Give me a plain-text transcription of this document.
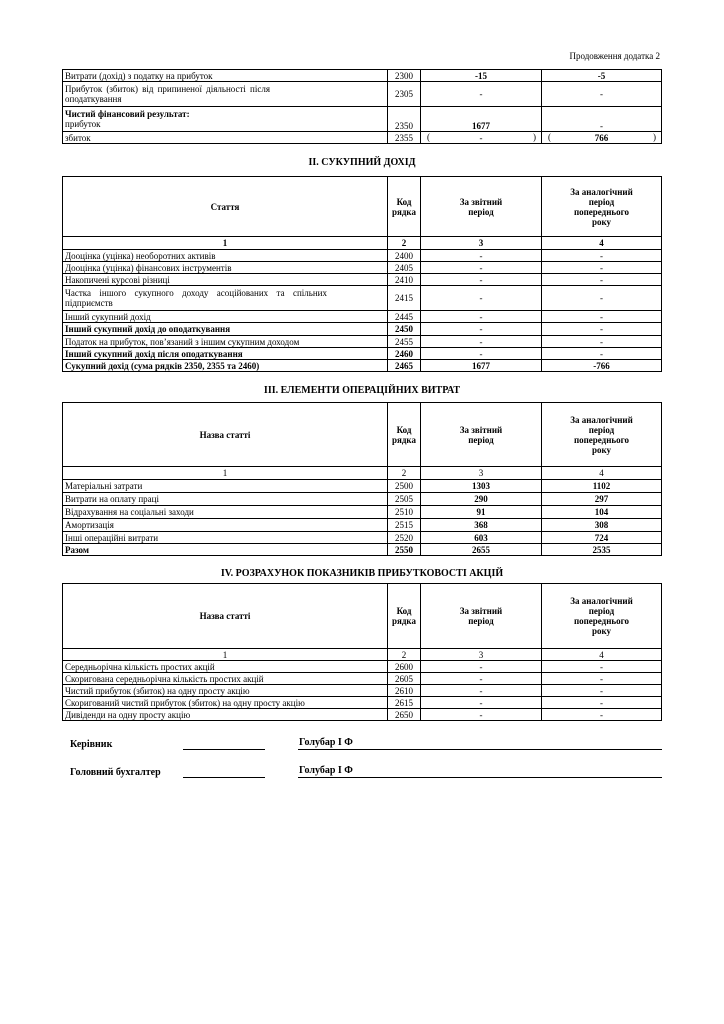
Продовження додатка 2
Витрати (дохід) з податку на прибуток	2300	-15	-5
Прибуток (збиток) від припиненої діяльності після оподаткування	2305	-	-

Чистий фінансовий результат:
прибуток	2350	1677	-
збиток	2355	( - )	( 766 )
II. СУКУПНИЙ ДОХІД
Стаття	Код рядка	За звітний період	За аналогічний період попереднього року
1	2	3	4
Дооцінка (уцінка) необоротних активів	2400	-	-
Дооцінка (уцінка) фінансових інструментів	2405	-	-
Накопичені курсові різниці	2410	-	-
Частка іншого сукупного доходу асоційованих та спільних підприємств	2415	-	-
Інший сукупний дохід	2445	-	-
Інший сукупний дохід до оподаткування	2450	-	-
Податок на прибуток, пов’язаний з іншим сукупним доходом	2455	-	-
Інший сукупний дохід після оподаткування	2460	-	-
Сукупний дохід (сума рядків 2350, 2355 та 2460)	2465	1677	-766
III. ЕЛЕМЕНТИ ОПЕРАЦІЙНИХ ВИТРАТ
Назва статті	Код рядка	За звітний період	За аналогічний період попереднього року
1	2	3	4
Матеріальні затрати	2500	1303	1102
Витрати на оплату праці	2505	290	297
Відрахування на соціальні заходи	2510	91	104
Амортизація	2515	368	308
Інші операційні витрати	2520	603	724
Разом	2550	2655	2535
IV. РОЗРАХУНОК ПОКАЗНИКІВ ПРИБУТКОВОСТІ АКЦІЙ
Назва статті	Код рядка	За звітний період	За аналогічний період попереднього року
1	2	3	4
Середньорічна кількість простих акцій	2600	-	-
Скоригована середньорічна кількість простих акцій	2605	-	-
Чистий прибуток (збиток) на одну просту акцію	2610	-	-
Скоригований чистий прибуток (збиток) на одну просту акцію	2615	-	-
Дивіденди на одну просту акцію	2650	-	-
Керівник	Голубар І Ф
Головний бухгалтер	Голубар І Ф
